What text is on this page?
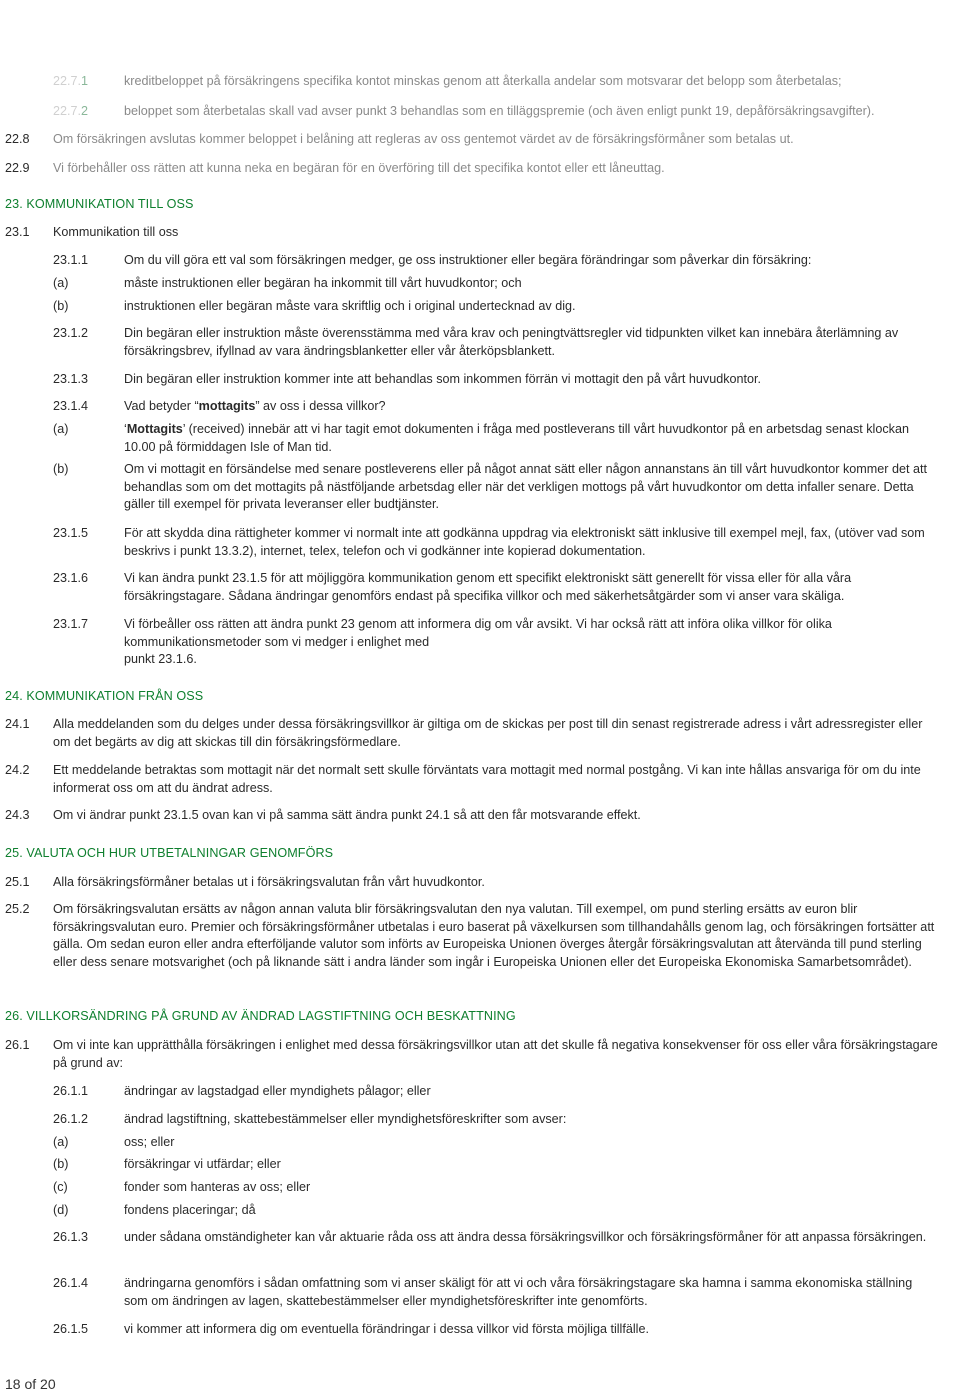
22.7.1	kreditbeloppet på försäkringens specifika kontot minskas genom att återkalla andelar som motsvarar det belopp som återbetalas;
22.7.2	beloppet som återbetalas skall vad avser punkt 3 behandlas som en tilläggspremie (och även enligt punkt 19, depåförsäkringsavgifter).
22.8 Om försäkringen avslutas kommer beloppet i belåning att regleras av oss gentemot värdet av de försäkringsförmåner som betalas ut.
22.9 Vi förbehåller oss rätten att kunna neka en begäran för en överföring till det specifika kontot eller ett låneuttag.
23. KOMMUNIKATION TILL OSS
23.1 Kommunikation till oss
23.1.1	Om du vill göra ett val som försäkringen medger, ge oss instruktioner eller begära förändringar som påverkar din försäkring:
(a)	måste instruktionen eller begäran ha inkommit till vårt huvudkontor; och
(b)	instruktionen eller begäran måste vara skriftlig och i original undertecknad av dig.
23.1.2	Din begäran eller instruktion måste överensstämma med våra krav och peningtvättsregler vid tidpunkten vilket kan innebära återlämning av försäkringsbrev, ifyllnad av vara ändringsblanketter eller vår återköpsblankett.
23.1.3	Din begäran eller instruktion kommer inte att behandlas som inkommen förrän vi mottagit den på vårt huvudkontor.
23.1.4	Vad betyder “mottagits” av oss i dessa villkor?
(a)	‘Mottagits’ (received) innebär att vi har tagit emot dokumenten i fråga med postleverans till vårt huvudkontor på en arbetsdag senast klockan 10.00 på förmiddagen Isle of Man tid.
(b)	Om vi mottagit en försändelse med senare postleverens eller på något annat sätt eller någon annanstans än till vårt huvudkontor kommer det att behandlas som om det mottagits på nästföljande arbetsdag eller när det verkligen mottogs på vårt huvudkontor om detta infaller senare. Detta gäller till exempel för privata leveranser eller budtjänster.
23.1.5	För att skydda dina rättigheter kommer vi normalt inte att godkänna uppdrag via elektroniskt sätt inklusive till exempel mejl, fax, (utöver vad som beskrivs i punkt 13.3.2), internet, telex, telefon och vi godkänner inte kopierad dokumentation.
23.1.6	Vi kan ändra punkt 23.1.5 för att möjliggöra kommunikation genom ett specifikt elektroniskt sätt generellt för vissa eller för alla våra försäkringstagare. Sådana ändringar genomförs endast på specifika villkor och med säkerhetsåtgärder som vi anser vara skäliga.
23.1.7	Vi förbeåller oss rätten att ändra punkt 23 genom att informera dig om vår avsikt. Vi har också rätt att införa olika villkor för olika
kommunikationsmetoder som vi medger i enlighet med
punkt 23.1.6.
24. KOMMUNIKATION FRÅN OSS
24.1 Alla meddelanden som du delges under dessa försäkringsvillkor är giltiga om de skickas per post till din senast registrerade adress i vårt adressregister eller om det begärts av dig att skickas till din försäkringsförmedlare.
24.2 Ett meddelande betraktas som mottagit när det normalt sett skulle förväntats vara mottagit med normal postgång. Vi kan inte hållas ansvariga för om du inte informerat oss om att du ändrat adress.
24.3 Om vi ändrar punkt 23.1.5 ovan kan vi på samma sätt ändra punkt 24.1 så att den får motsvarande effekt.
25. VALUTA OCH HUR UTBETALNINGAR GENOMFÖRS
25.1 Alla försäkringsförmåner betalas ut i försäkringsvalutan från vårt huvudkontor.
25.2 Om försäkringsvalutan ersätts av någon annan valuta blir försäkringsvalutan den nya valutan. Till exempel, om pund sterling ersätts av euron blir försäkringsvalutan euro. Premier och försäkringsförmåner utbetalas i euro baserat på växelkursen som tillhandahålls genom lag, och försäkringen fortsätter att gälla. Om sedan euron eller andra efterföljande valutor som införts av Europeiska Unionen överges återgår försäkringsvalutan att återvända till pund sterling eller dess senare motsvarighet (och på liknande sätt i andra länder som ingår i Europeiska Unionen eller det Europeiska Ekonomiska Samarbetsområdet).
26. VILLKORSÄNDRING PÅ GRUND AV ÄNDRAD LAGSTIFTNING OCH BESKATTNING
26.1 Om vi inte kan upprätthålla försäkringen i enlighet med dessa försäkringsvillkor utan att det skulle få negativa konsekvenser för oss eller våra försäkringstagare på grund av:
26.1.1	ändringar av lagstadgad eller myndighets pålagor; eller
26.1.2	ändrad lagstiftning, skattebestämmelser eller myndighetsföreskrifter som avser:
(a)	oss; eller
(b)	försäkringar vi utfärdar; eller
(c)	fonder som hanteras av oss; eller
(d)	fondens placeringar; då
26.1.3	under sådana omständigheter kan vår aktuarie råda oss att ändra dessa försäkringsvillkor och försäkringsförmåner för att anpassa försäkringen.
26.1.4	ändringarna genomförs i sådan omfattning som vi anser skäligt för att vi och våra försäkringstagare ska hamna i samma ekonomiska ställning som om ändringen av lagen, skattebestämmelser eller myndighetsföreskrifter inte genomförts.
26.1.5	vi kommer att informera dig om eventuella förändringar i dessa villkor vid första möjliga tillfälle.
18 of 20
